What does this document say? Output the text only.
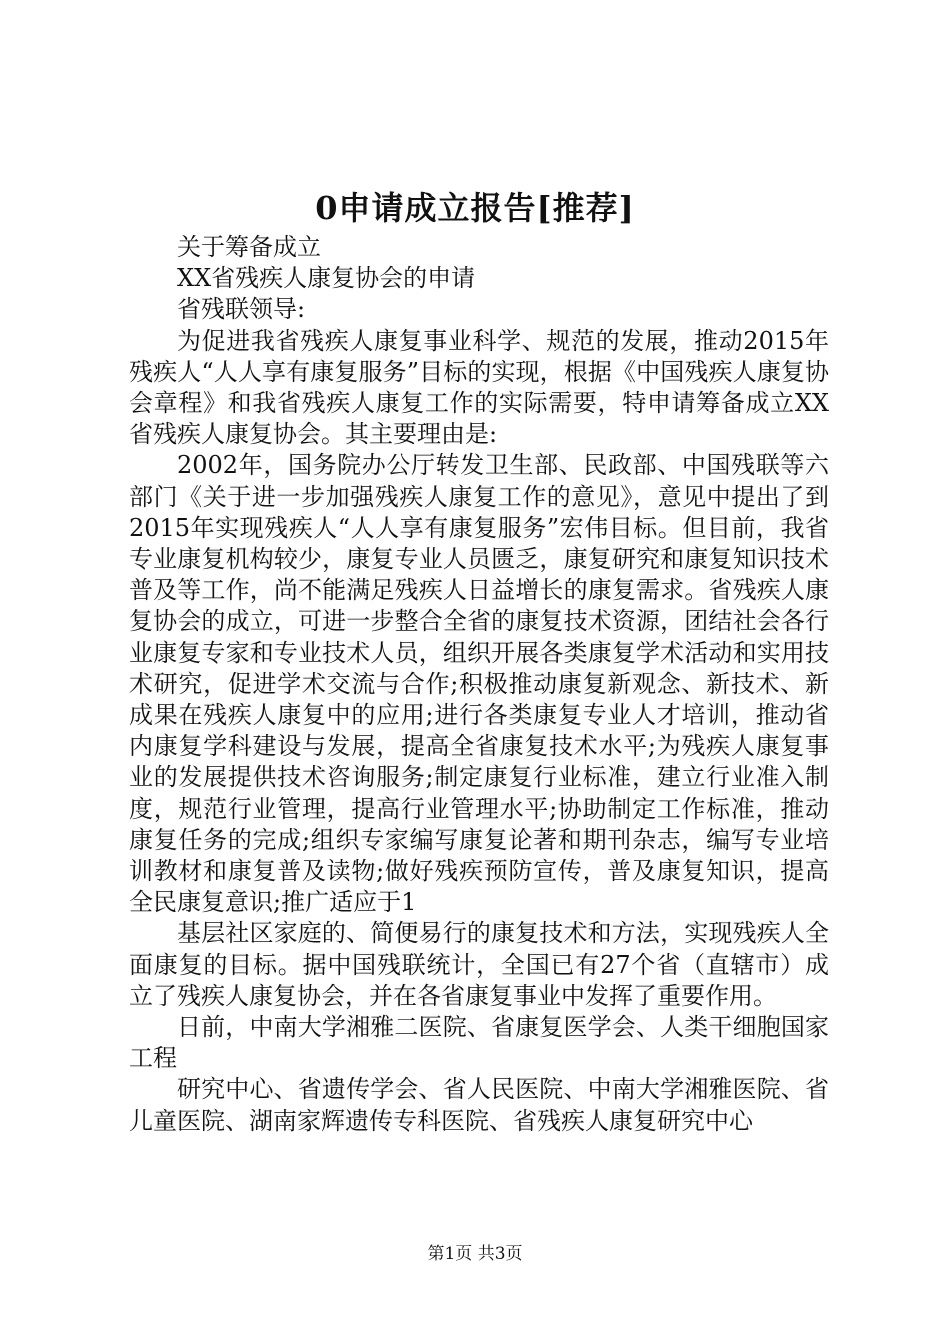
0申请成立报告[推荐]

关于筹备成立

XX省残疾人康复协会的申请

省残联领导:

为促进我省残疾人康复事业科学、规范的发展，推动2015年残疾人“人人享有康复服务”目标的实现，根据《中国残疾人康复协会章程》和我省残疾人康复工作的实际需要，特申请筹备成立XX省残疾人康复协会。其主要理由是:

2002年，国务院办公厅转发卫生部、民政部、中国残联等六部门《关于进一步加强残疾人康复工作的意见》，意见中提出了到2015年实现残疾人“人人享有康复服务”宏伟目标。但目前，我省专业康复机构较少，康复专业人员匮乏，康复研究和康复知识技术普及等工作，尚不能满足残疾人日益增长的康复需求。省残疾人康复协会的成立，可进一步整合全省的康复技术资源，团结社会各行业康复专家和专业技术人员，组织开展各类康复学术活动和实用技术研究，促进学术交流与合作;积极推动康复新观念、新技术、新成果在残疾人康复中的应用;进行各类康复专业人才培训，推动省内康复学科建设与发展，提高全省康复技术水平;为残疾人康复事业的发展提供技术咨询服务;制定康复行业标准，建立行业准入制度，规范行业管理，提高行业管理水平;协助制定工作标准，推动康复任务的完成;组织专家编写康复论著和期刊杂志，编写专业培训教材和康复普及读物;做好残疾预防宣传，普及康复知识，提高全民康复意识;推广适应于1

基层社区家庭的、简便易行的康复技术和方法，实现残疾人全面康复的目标。据中国残联统计，全国已有27个省（直辖市）成立了残疾人康复协会，并在各省康复事业中发挥了重要作用。

日前，中南大学湘雅二医院、省康复医学会、人类干细胞国家工程

研究中心、省遗传学会、省人民医院、中南大学湘雅医院、省儿童医院、湖南家辉遗传专科医院、省残疾人康复研究中心

第1页 共3页
